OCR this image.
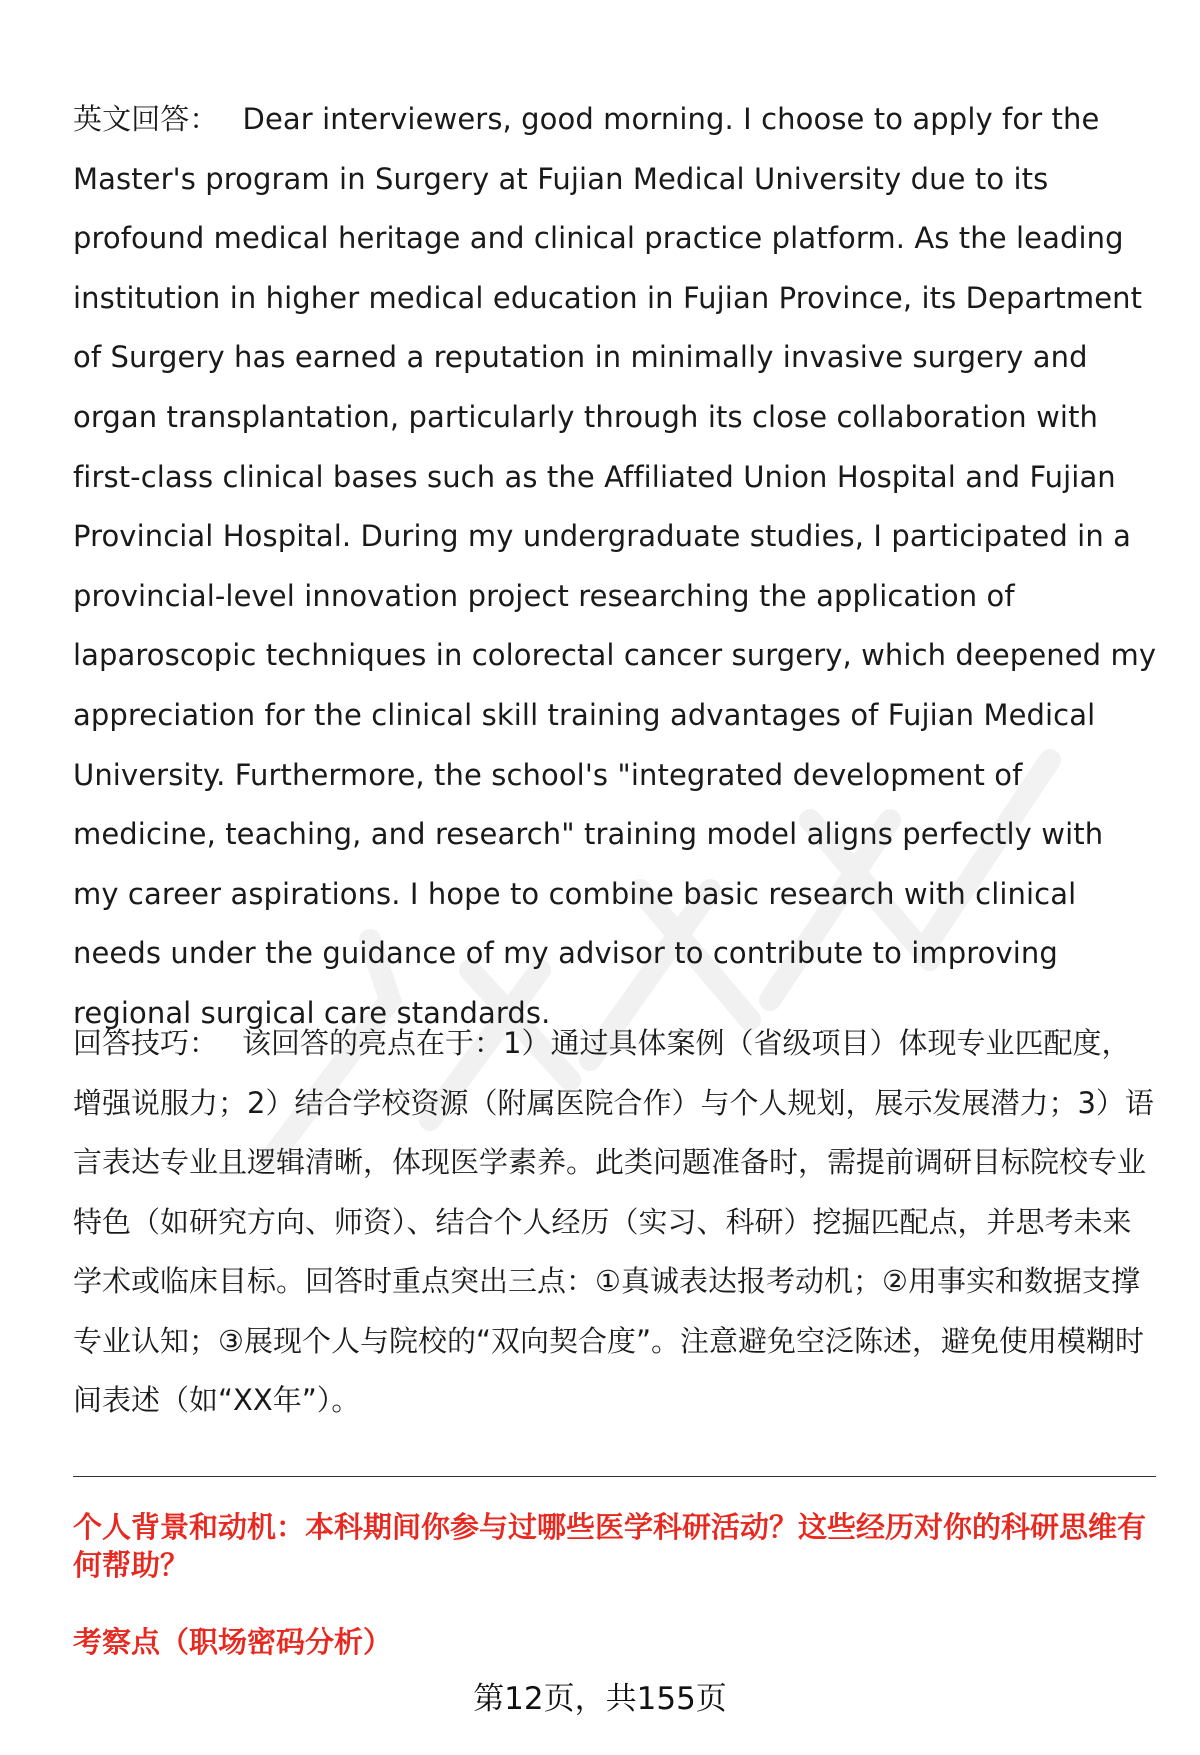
英文回答： Dear interviewers, good morning. I choose to apply for the Master's program in Surgery at Fujian Medical University due to its profound medical heritage and clinical practice platform. As the leading institution in higher medical education in Fujian Province, its Department of Surgery has earned a reputation in minimally invasive surgery and organ transplantation, particularly through its close collaboration with first-class clinical bases such as the Affiliated Union Hospital and Fujian Provincial Hospital. During my undergraduate studies, I participated in a provincial-level innovation project researching the application of laparoscopic techniques in colorectal cancer surgery, which deepened my appreciation for the clinical skill training advantages of Fujian Medical University. Furthermore, the school's "integrated development of medicine, teaching, and research" training model aligns perfectly with my career aspirations. I hope to combine basic research with clinical needs under the guidance of my advisor to contribute to improving regional surgical care standards.

回答技巧： 该回答的亮点在于：1）通过具体案例（省级项目）体现专业匹配度，增强说服力；2）结合学校资源（附属医院合作）与个人规划，展示发展潜力；3）语言表达专业且逻辑清晰，体现医学素养。此类问题准备时，需提前调研目标院校专业特色（如研究方向、师资）、结合个人经历（实习、科研）挖掘匹配点，并思考未来学术或临床目标。回答时重点突出三点：①真诚表达报考动机；②用事实和数据支撑专业认知；③展现个人与院校的“双向契合度”。注意避免空泛陈述，避免使用模糊时间表述（如“XX年”）。

个人背景和动机：本科期间你参与过哪些医学科研活动？这些经历对你的科研思维有何帮助？

考察点（职场密码分析）

第12页，共155页
